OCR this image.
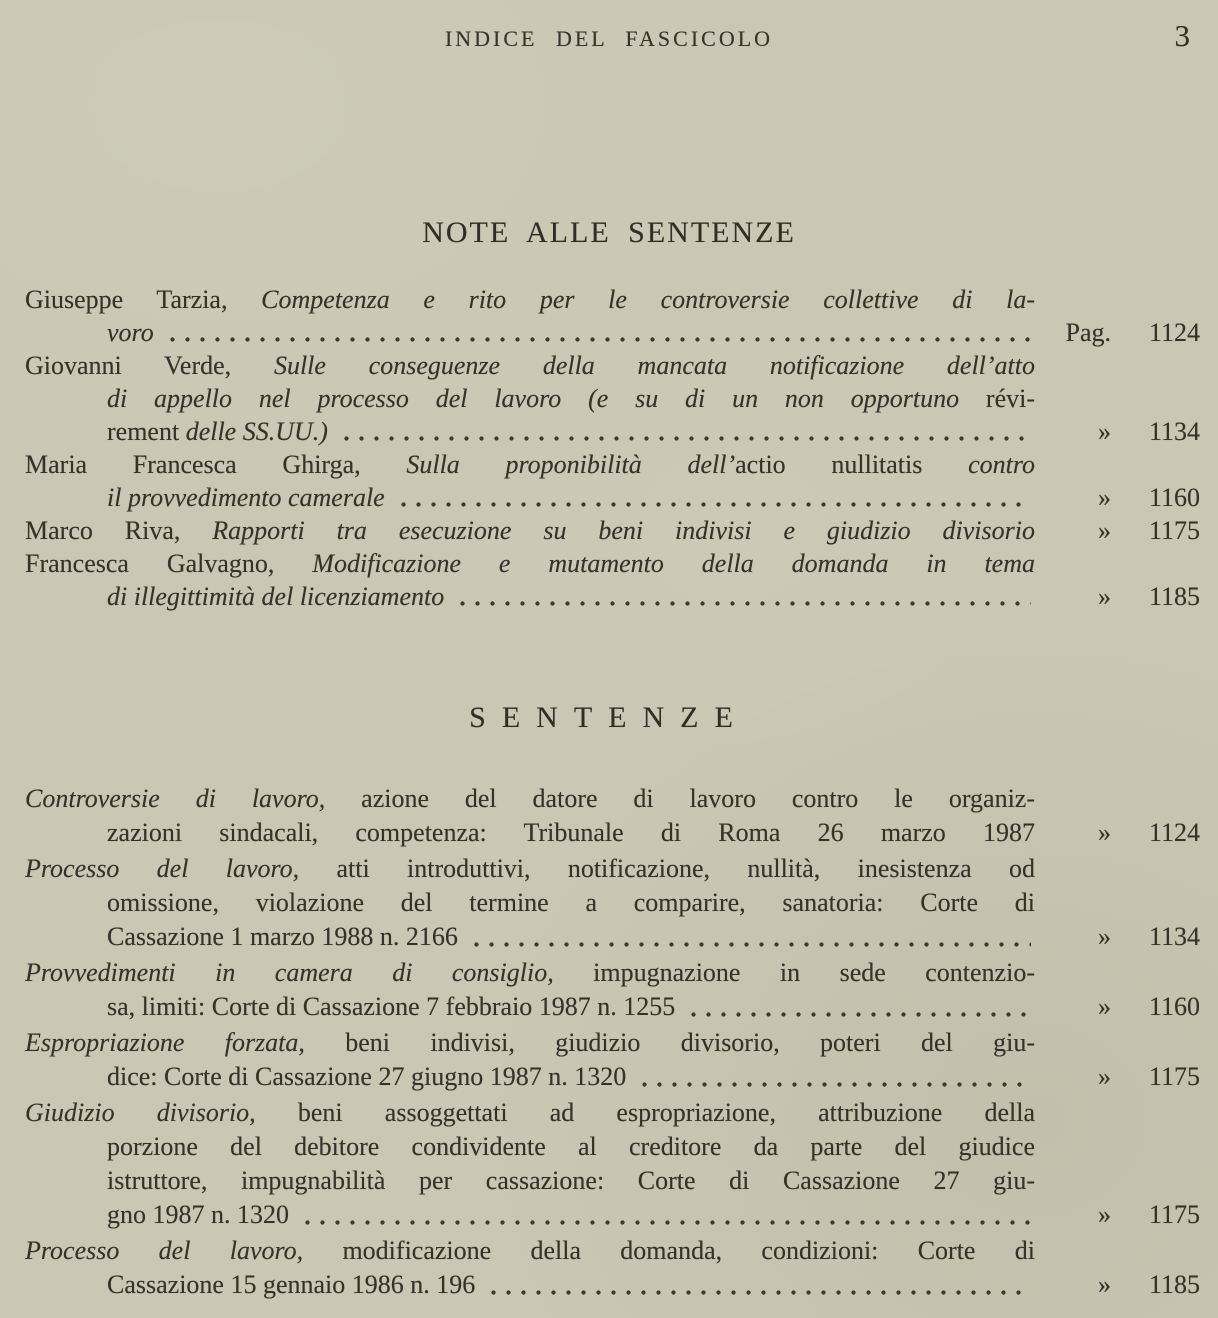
INDICE DEL FASCICOLO	3
NOTE ALLE SENTENZE
Giuseppe Tarzia, Competenza e rito per le controversie collettive di la-
voro	Pag. 1124
Giovanni Verde, Sulle conseguenze della mancata notificazione dell’atto
di appello nel processo del lavoro (e su di un non opportuno révi-
rement delle SS.UU.)	» 1134
Maria Francesca Ghirga, Sulla proponibilità dell’actio nullitatis contro
il provvedimento camerale	» 1160
Marco Riva, Rapporti tra esecuzione su beni indivisi e giudizio divisorio	» 1175
Francesca Galvagno, Modificazione e mutamento della domanda in tema
di illegittimità del licenziamento	» 1185
SENTENZE
Controversie di lavoro, azione del datore di lavoro contro le organiz-
zazioni sindacali, competenza: Tribunale di Roma 26 marzo 1987	» 1124
Processo del lavoro, atti introduttivi, notificazione, nullità, inesistenza od
omissione, violazione del termine a comparire, sanatoria: Corte di
Cassazione 1 marzo 1988 n. 2166	» 1134
Provvedimenti in camera di consiglio, impugnazione in sede contenzio-
sa, limiti: Corte di Cassazione 7 febbraio 1987 n. 1255	» 1160
Espropriazione forzata, beni indivisi, giudizio divisorio, poteri del giu-
dice: Corte di Cassazione 27 giugno 1987 n. 1320	» 1175
Giudizio divisorio, beni assoggettati ad espropriazione, attribuzione della
porzione del debitore condividente al creditore da parte del giudice
istruttore, impugnabilità per cassazione: Corte di Cassazione 27 giu-
gno 1987 n. 1320	» 1175
Processo del lavoro, modificazione della domanda, condizioni: Corte di
Cassazione 15 gennaio 1986 n. 196	» 1185
